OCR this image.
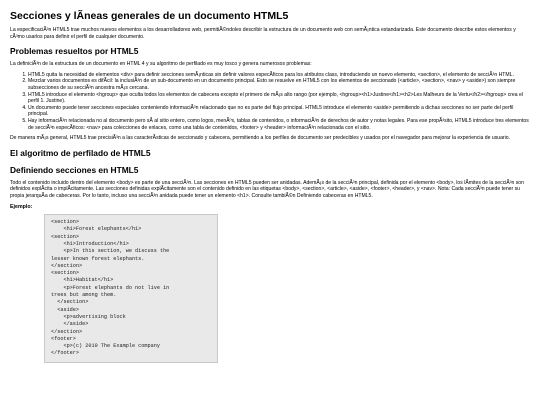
Secciones y lÃneas generales de un documento HTML5

La especificaciÃ³n HTML5 trae muchos nuevos elementos a los desarrolladores web, permitiÃ©ndoles describir la estructura de un documento web con semÃ¡ntica estandarizada. Este documento describe estos elementos y cÃ³mo usarlos para definir el perfil de cualquier documento.

Problemas resueltos por HTML5

La definiciÃ³n de la estructura de un documento en HTML 4 y su algoritmo de perfilado es muy tosco y genera numerosos problemas:

1. HTML5 quita la necesidad de elementos <div> para definir secciones semÃ¡nticas sin definir valores especÃficos para los atributos class, introduciendo un nuevo elemento, <section>, el elemento de secciÃ³n HTML.
2. Mezclar varios documentos es difÃcil: la inclusiÃ³n de un sub-documento en un documento principal. Esto se resuelve en HTML5 con los elementos de seccionado (<article>, <section>, <nav> y <aside>) son siempre subsecciones de su secciÃ³n ancestra mÃ¡s cercana.
3. HTML5 introduce el elemento <hgroup> que oculta todos los elementos de cabecera excepto el primero de mÃ¡s alto rango (por ejemplo, <hgroup><h1>Justine</h1><h2>Les Malheurs de la Vertu</h2></hgroup> crea el perfil 1. Justine).
4. Un documento puede tener secciones especiales conteniendo informaciÃ³n relacionado que no es parte del flujo principal. HTML5 introduce el elemento <aside> permitiendo a dichas secciones no ser parte del perfil principal.
5. Hay informaciÃ³n relacionada no al documento pero sÃ al sitio entero, como logos, menÃºs, tablas de contenidos, o informaciÃ³n de derechos de autor y notas legales. Para ese propÃ³sito, HTML5 introduce tres elementos de secciÃ³n especÃficos: <nav> para colecciones de enlaces, como una tabla de contenidos, <footer> y <header> informaciÃ³n relacionada con el sitio.

De manera mÃ¡s general, HTML5 trae precisiÃ³n a las caracterÃsticas de seccionado y cabecera, permitiendo a los perfiles de documento ser predecibles y usados por el navegador para mejorar la experiencia de usuario.

El algoritmo de perfilado de HTML5
Definiendo secciones en HTML5

Todo el contenido incluido dentro del elemento <body> es parte de una secciÃ³n. Las secciones en HTML5 pueden ser anidadas. AdemÃ¡s de la secciÃ³n principal, definida por el elemento <body>, los lÃmites de la secciÃ³n son definidos explÃcita o implÃcitamente. Las secciones definidas explÃcitamente son el contenido definido en las etiquetas <body>, <section>, <article>, <aside>, <footer>, <header>, y <nav>. Nota: Cada secciÃ³n puede tener su propia jerarquÃa de cabeceras. Por lo tanto, incluso una secciÃ³n anidada puede tener un elemento <h1>. Consulte tambiÃ©n Definiendo cabeceras en HTML5.

Ejemplo:

<section>
<h1>Forest elephants</h1>
<section>
<h1>Introduction</h1>
<p>In this section, we discuss the
lesser known forest elephants.
</section>
<section>
<h1>Habitat</h1>
<p>Forest elephants do not live in
trees but among them.
</section>
<aside>
<p>advertising block
</aside>
</section>
<footer>
<p>(c) 2010 The Example company
</footer>
